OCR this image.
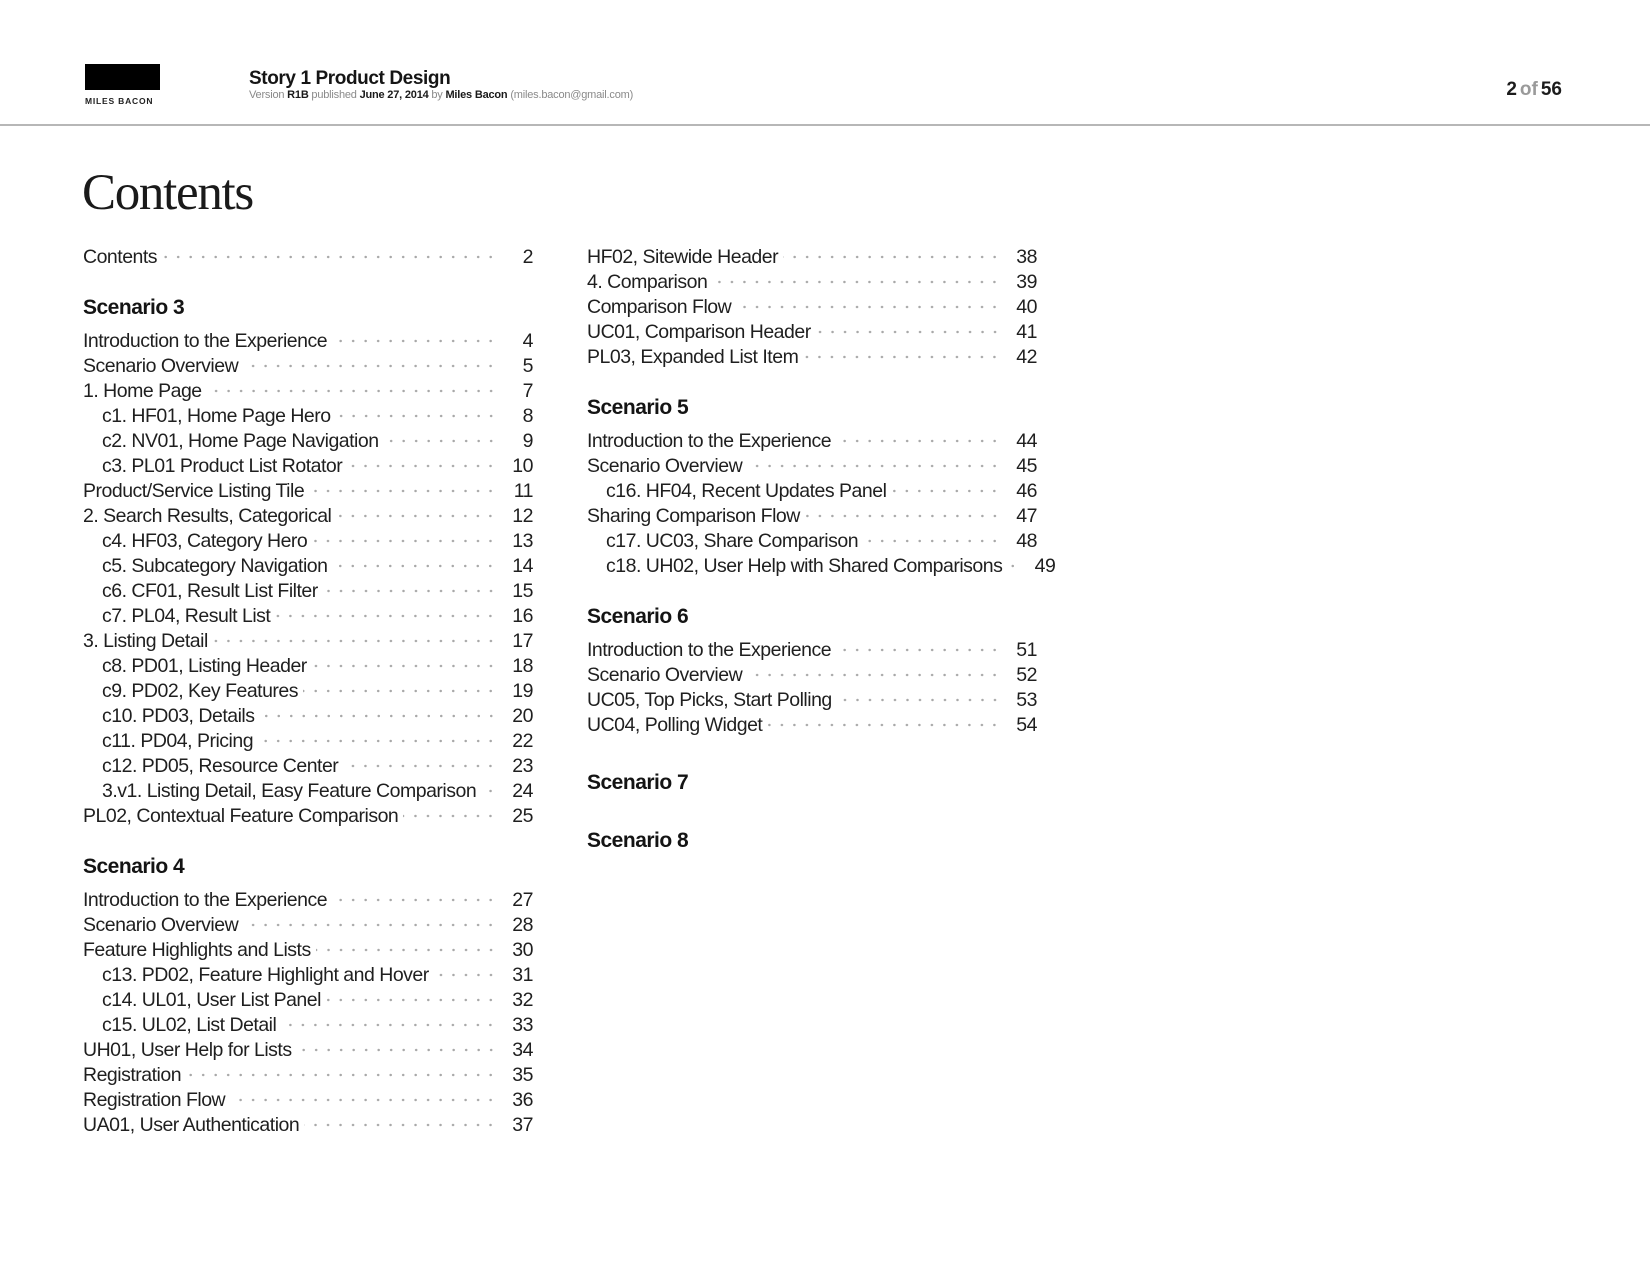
MILES BACON
Story 1 Product Design
Version R1B published June 27, 2014 by Miles Bacon (miles.bacon@gmail.com)	2 of 56
Contents
Contents	2
Scenario 3
Introduction to the Experience	4
Scenario Overview	5
1. Home Page	7
c1. HF01, Home Page Hero	8
c2. NV01, Home Page Navigation	9
c3. PL01 Product List Rotator	10
Product/Service Listing Tile	11
2. Search Results, Categorical	12
c4. HF03, Category Hero	13
c5. Subcategory Navigation	14
c6. CF01, Result List Filter	15
c7. PL04, Result List	16
3. Listing Detail	17
c8. PD01, Listing Header	18
c9. PD02, Key Features	19
c10. PD03, Details	20
c11. PD04, Pricing	22
c12. PD05, Resource Center	23
3.v1. Listing Detail, Easy Feature Comparison 24
PL02, Contextual Feature Comparison	25
Scenario 4
Introduction to the Experience	27
Scenario Overview	28
Feature Highlights and Lists	30
c13. PD02, Feature Highlight and Hover	31
c14. UL01, User List Panel	32
c15. UL02, List Detail	33
UH01, User Help for Lists	34
Registration	35
Registration Flow	36
UA01, User Authentication	37
HF02, Sitewide Header	38
4. Comparison	39
Comparison Flow	40
UC01, Comparison Header	41
PL03, Expanded List Item	42
Scenario 5
Introduction to the Experience	44
Scenario Overview	45
c16. HF04, Recent Updates Panel	46
Sharing Comparison Flow	47
c17. UC03, Share Comparison	48
c18. UH02, User Help with Shared Comparisons 49
Scenario 6
Introduction to the Experience	51
Scenario Overview	52
UC05, Top Picks, Start Polling	53
UC04, Polling Widget	54
Scenario 7
Scenario 8
